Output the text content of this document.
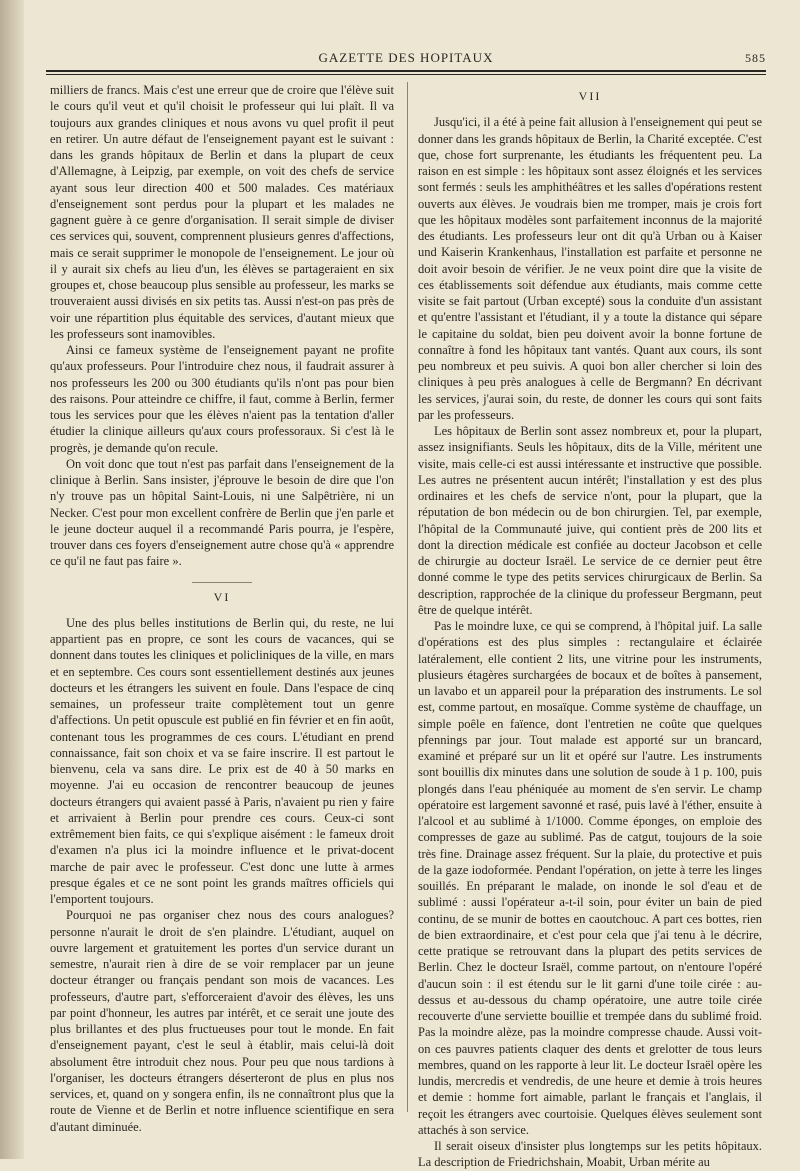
GAZETTE DES HOPITAUX	585

milliers de francs. Mais c'est une erreur que de croire que l'élève suit le cours qu'il veut et qu'il choisit le professeur qui lui plaît. Il va toujours aux grandes cliniques et nous avons vu quel profit il peut en retirer. Un autre défaut de l'enseignement payant est le suivant : dans les grands hôpitaux de Berlin et dans la plupart de ceux d'Allemagne, à Leipzig, par exemple, on voit des chefs de service ayant sous leur direction 400 et 500 malades. Ces matériaux d'enseignement sont perdus pour la plupart et les malades ne gagnent guère à ce genre d'organisation. Il serait simple de diviser ces services qui, souvent, comprennent plusieurs genres d'affections, mais ce serait supprimer le monopole de l'enseignement. Le jour où il y aurait six chefs au lieu d'un, les élèves se partageraient en six groupes et, chose beaucoup plus sensible au professeur, les marks se trouveraient aussi divisés en six petits tas. Aussi n'est-on pas près de voir une répartition plus équitable des services, d'autant mieux que les professeurs sont inamovibles.

Ainsi ce fameux système de l'enseignement payant ne profite qu'aux professeurs. Pour l'introduire chez nous, il faudrait assurer à nos professeurs les 200 ou 300 étudiants qu'ils n'ont pas pour bien des raisons. Pour atteindre ce chiffre, il faut, comme à Berlin, fermer tous les services pour que les élèves n'aient pas la tentation d'aller étudier la clinique ailleurs qu'aux cours professoraux. Si c'est là le progrès, je demande qu'on recule.

On voit donc que tout n'est pas parfait dans l'enseignement de la clinique à Berlin. Sans insister, j'éprouve le besoin de dire que l'on n'y trouve pas un hôpital Saint-Louis, ni une Salpêtrière, ni un Necker. C'est pour mon excellent confrère de Berlin que j'en parle et le jeune docteur auquel il a recommandé Paris pourra, je l'espère, trouver dans ces foyers d'enseignement autre chose qu'à « apprendre ce qu'il ne faut pas faire ».

VI

Une des plus belles institutions de Berlin qui, du reste, ne lui appartient pas en propre, ce sont les cours de vacances, qui se donnent dans toutes les cliniques et policliniques de la ville, en mars et en septembre. Ces cours sont essentiellement destinés aux jeunes docteurs et les étrangers les suivent en foule. Dans l'espace de cinq semaines, un professeur traite complètement tout un genre d'affections. Un petit opuscule est publié en fin février et en fin août, contenant tous les programmes de ces cours. L'étudiant en prend connaissance, fait son choix et va se faire inscrire. Il est partout le bienvenu, cela va sans dire. Le prix est de 40 à 50 marks en moyenne. J'ai eu occasion de rencontrer beaucoup de jeunes docteurs étrangers qui avaient passé à Paris, n'avaient pu rien y faire et arrivaient à Berlin pour prendre ces cours. Ceux-ci sont extrêmement bien faits, ce qui s'explique aisément : le fameux droit d'examen n'a plus ici la moindre influence et le privat-docent marche de pair avec le professeur. C'est donc une lutte à armes presque égales et ce ne sont point les grands maîtres officiels qui l'emportent toujours.

Pourquoi ne pas organiser chez nous des cours analogues? personne n'aurait le droit de s'en plaindre. L'étudiant, auquel on ouvre largement et gratuitement les portes d'un service durant un semestre, n'aurait rien à dire de se voir remplacer par un jeune docteur étranger ou français pendant son mois de vacances. Les professeurs, d'autre part, s'efforceraient d'avoir des élèves, les uns par point d'honneur, les autres par intérêt, et ce serait une joute des plus brillantes et des plus fructueuses pour tout le monde. En fait d'enseignement payant, c'est le seul à établir, mais celui-là doit absolument être introduit chez nous. Pour peu que nous tardions à l'organiser, les docteurs étrangers déserteront de plus en plus nos services, et, quand on y songera enfin, ils ne connaîtront plus que la route de Vienne et de Berlin et notre influence scientifique en sera d'autant diminuée.

VII

Jusqu'ici, il a été à peine fait allusion à l'enseignement qui peut se donner dans les grands hôpitaux de Berlin, la Charité exceptée. C'est que, chose fort surprenante, les étudiants les fréquentent peu. La raison en est simple : les hôpitaux sont assez éloignés et les services sont fermés : seuls les amphithéâtres et les salles d'opérations restent ouverts aux élèves. Je voudrais bien me tromper, mais je crois fort que les hôpitaux modèles sont parfaitement inconnus de la majorité des étudiants. Les professeurs leur ont dit qu'à Urban ou à Kaiser und Kaiserin Krankenhaus, l'installation est parfaite et personne ne doit avoir besoin de vérifier. Je ne veux point dire que la visite de ces établissements soit défendue aux étudiants, mais comme cette visite se fait partout (Urban excepté) sous la conduite d'un assistant et qu'entre l'assistant et l'étudiant, il y a toute la distance qui sépare le capitaine du soldat, bien peu doivent avoir la bonne fortune de connaître à fond les hôpitaux tant vantés. Quant aux cours, ils sont peu nombreux et peu suivis. A quoi bon aller chercher si loin des cliniques à peu près analogues à celle de Bergmann? En décrivant les services, j'aurai soin, du reste, de donner les cours qui sont faits par les professeurs.

Les hôpitaux de Berlin sont assez nombreux et, pour la plupart, assez insignifiants. Seuls les hôpitaux, dits de la Ville, méritent une visite, mais celle-ci est aussi intéressante et instructive que possible. Les autres ne présentent aucun intérêt; l'installation y est des plus ordinaires et les chefs de service n'ont, pour la plupart, que la réputation de bon médecin ou de bon chirurgien. Tel, par exemple, l'hôpital de la Communauté juive, qui contient près de 200 lits et dont la direction médicale est confiée au docteur Jacobson et celle de chirurgie au docteur Israël. Le service de ce dernier peut être donné comme le type des petits services chirurgicaux de Berlin. Sa description, rapprochée de la clinique du professeur Bergmann, peut être de quelque intérêt.

Pas le moindre luxe, ce qui se comprend, à l'hôpital juif. La salle d'opérations est des plus simples : rectangulaire et éclairée latéralement, elle contient 2 lits, une vitrine pour les instruments, plusieurs étagères surchargées de bocaux et de boîtes à pansement, un lavabo et un appareil pour la préparation des instruments. Le sol est, comme partout, en mosaïque. Comme système de chauffage, un simple poêle en faïence, dont l'entretien ne coûte que quelques pfennings par jour. Tout malade est apporté sur un brancard, examiné et préparé sur un lit et opéré sur l'autre. Les instruments sont bouillis dix minutes dans une solution de soude à 1 p. 100, puis plongés dans l'eau phéniquée au moment de s'en servir. Le champ opératoire est largement savonné et rasé, puis lavé à l'éther, ensuite à l'alcool et au sublimé à 1/1000. Comme éponges, on emploie des compresses de gaze au sublimé. Pas de catgut, toujours de la soie très fine. Drainage assez fréquent. Sur la plaie, du protective et puis de la gaze iodoformée. Pendant l'opération, on jette à terre les linges souillés. En préparant le malade, on inonde le sol d'eau et de sublimé : aussi l'opérateur a-t-il soin, pour éviter un bain de pied continu, de se munir de bottes en caoutchouc. A part ces bottes, rien de bien extraordinaire, et c'est pour cela que j'ai tenu à le décrire, cette pratique se retrouvant dans la plupart des petits services de Berlin. Chez le docteur Israël, comme partout, on n'entoure l'opéré d'aucun soin : il est étendu sur le lit garni d'une toile cirée : au-dessus et au-dessous du champ opératoire, une autre toile cirée recouverte d'une serviette bouillie et trempée dans du sublimé froid. Pas la moindre alèze, pas la moindre compresse chaude. Aussi voit-on ces pauvres patients claquer des dents et grelotter de tous leurs membres, quand on les rapporte à leur lit. Le docteur Israël opère les lundis, mercredis et vendredis, de une heure et demie à trois heures et demie : homme fort aimable, parlant le français et l'anglais, il reçoit les étrangers avec courtoisie. Quelques élèves seulement sont attachés à son service.

Il serait oiseux d'insister plus longtemps sur les petits hôpitaux. La description de Friedrichshain, Moabit, Urban mérite au
